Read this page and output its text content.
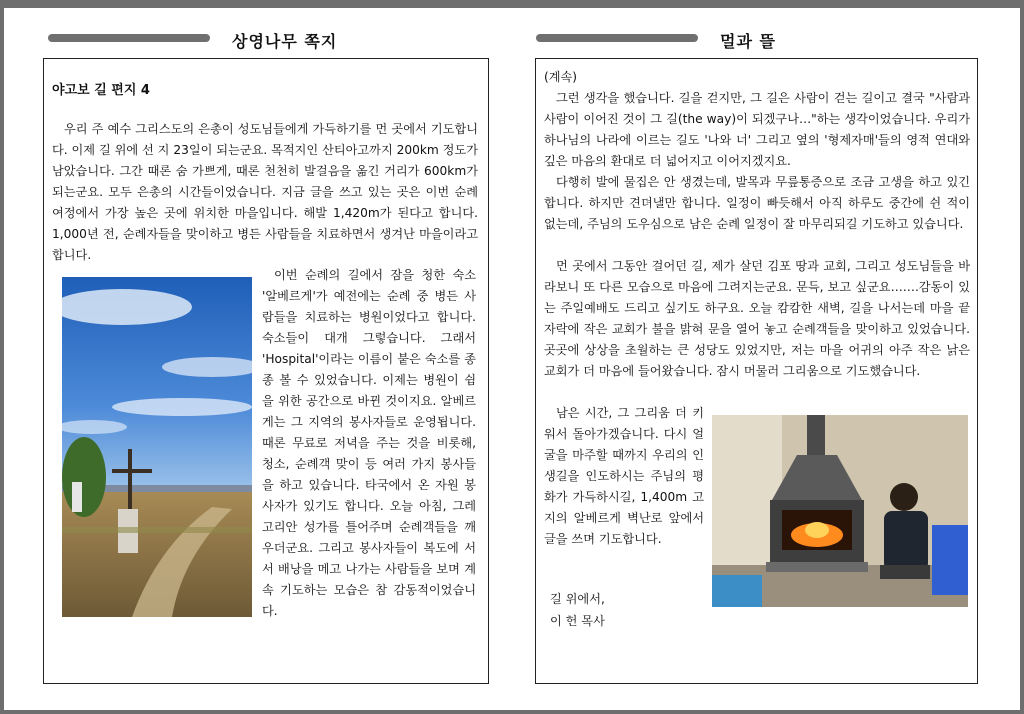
상영나무 쪽지

야고보 길 편지 4

우리 주 예수 그리스도의 은총이 성도님들에게 가득하기를 먼 곳에서 기도합니다. 이제 길 위에 선 지 23일이 되는군요. 목적지인 산티아고까지 200km 정도가 남았습니다. 그간 때론 숨 가쁘게, 때론 천천히 발걸음을 옮긴 거리가 600km가 되는군요. 모두 은총의 시간들이었습니다. 지금 글을 쓰고 있는 곳은 이번 순례 여정에서 가장 높은 곳에 위치한 마을입니다. 해발 1,420m가 된다고 합니다. 1,000년 전, 순례자들을 맞이하고 병든 사람들을 치료하면서 생겨난 마을이라고 합니다.

이번 순례의 길에서 잠을 청한 숙소 '알베르게'가 예전에는 순례 중 병든 사람들을 치료하는 병원이었다고 합니다. 숙소들이 대개 그렇습니다. 그래서 'Hospital'이라는 이름이 붙은 숙소를 종종 볼 수 있었습니다. 이제는 병원이 쉼을 위한 공간으로 바뀐 것이지요. 알베르게는 그 지역의 봉사자들로 운영됩니다. 때론 무료로 저녁을 주는 것을 비롯해, 청소, 순례객 맞이 등 여러 가지 봉사들을 하고 있습니다. 타국에서 온 자원 봉사자가 있기도 합니다. 오늘 아침, 그레고리안 성가를 틀어주며 순례객들을 깨우더군요. 그리고 봉사자들이 복도에 서서 배낭을 메고 나가는 사람들을 보며 계속 기도하는 모습은 참 감동적이었습니다.

멀과 뜰

(계속)

그런 생각을 했습니다. 길을 걷지만, 그 길은 사람이 걷는 길이고 결국 "사람과 사람이 이어진 것이 그 길(the way)이 되겠구나…"하는 생각이었습니다. 우리가 하나님의 나라에 이르는 길도 '나와 너' 그리고 옆의 '형제자매'들의 영적 연대와 깊은 마음의 환대로 더 넓어지고 이어지겠지요.

다행히 발에 물집은 안 생겼는데, 발목과 무릎통증으로 조금 고생을 하고 있긴 합니다. 하지만 견뎌낼만 합니다. 일정이 빠듯해서 아직 하루도 중간에 쉰 적이 없는데, 주님의 도우심으로 남은 순례 일정이 잘 마무리되길 기도하고 있습니다.

먼 곳에서 그동안 걸어던 길, 제가 살던 김포 땅과 교회, 그리고 성도님들을 바라보니 또 다른 모습으로 마음에 그려지는군요. 문득, 보고 싶군요…….감동이 있는 주일예배도 드리고 싶기도 하구요. 오늘 캄캄한 새벽, 길을 나서는데 마을 끝자락에 작은 교회가 불을 밝혀 문을 열어 놓고 순례객들을 맞이하고 있었습니다. 곳곳에 상상을 초월하는 큰 성당도 있었지만, 저는 마을 어귀의 아주 작은 낡은 교회가 더 마음에 들어왔습니다. 잠시 머물러 그리움으로 기도했습니다.

남은 시간, 그 그리움 더 키워서 돌아가겠습니다. 다시 얼굴을 마주할 때까지 우리의 인생길을 인도하시는 주님의 평화가 가득하시길, 1,400m 고지의 알베르게 벽난로 앞에서 글을 쓰며 기도합니다.

길 위에서,

이 헌 목사
